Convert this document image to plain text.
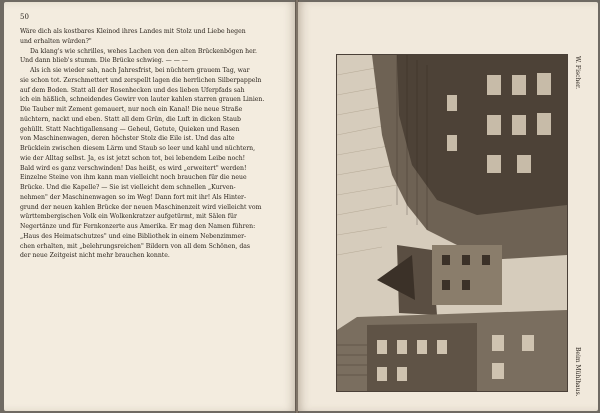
50
Wäre dich als kostbares Kleinod ihres Landes mit Stolz und Liebe hegen
und erhalten würden?"
Da klang's wie schrilles, wehes Lachen von den alten Brückenbögen her.
Und dann blieb's stumm. Die Brücke schwieg. — — —
Als ich sie wieder sah, nach Jahresfrist, bei nüchtern grauem Tag, war
sie schon tot. Zerschmettert und zerspellt lagen die herrlichen Silberpappeln
auf dem Boden. Statt all der Rosenhecken und des lieben Uferpfads sah
ich ein häßlich, schneidendes Gewirr von lauter kahlen starren grauen Linien.
Die Tauber mit Zement gemauert, nur noch ein Kanal! Die neue Straße
nüchtern, nackt und eben. Statt all dem Grün, die Luft in dicken Staub
gehüllt. Statt Nachtigallensang — Geheul, Getute, Quieken und Rasen
von Maschinenwagen, deren höchster Stolz die Eile ist. Und das alte
Brücklein zwischen diesem Lärm und Staub so leer und kahl und nüchtern,
wie der Alltag selbst. Ja, es ist jetzt schon tot, bei lebendem Leibe noch!
Bald wird es ganz verschwinden! Das heißt, es wird „erweitert" werden!
Einzelne Steine von ihm kann man vielleicht noch brauchen für die neue
Brücke. Und die Kapelle? — Sie ist vielleicht dem schnellen „Kurven-
nehmen" der Maschinenwagen so im Weg! Dann fort mit ihr! Als Hinter-
grund der neuen kahlen Brücke der neuen Maschinenzeit wird vielleicht vom
württembergischen Volk ein Wolkenkratzer aufgetürmt, mit Sälen für
Negertänze und für Fernkonzerte aus Amerika. Er mag den Namen führen:
„Haus des Heimatschutzes" und eine Bibliothek in einem Nebenzimmer-
chen erhalten, mit „belehrungsreichen" Bildern von all dem Schönen, das
der neue Zeitgeist nicht mehr brauchen konnte.
W. Fischer.
Beim Mühlhaus.
